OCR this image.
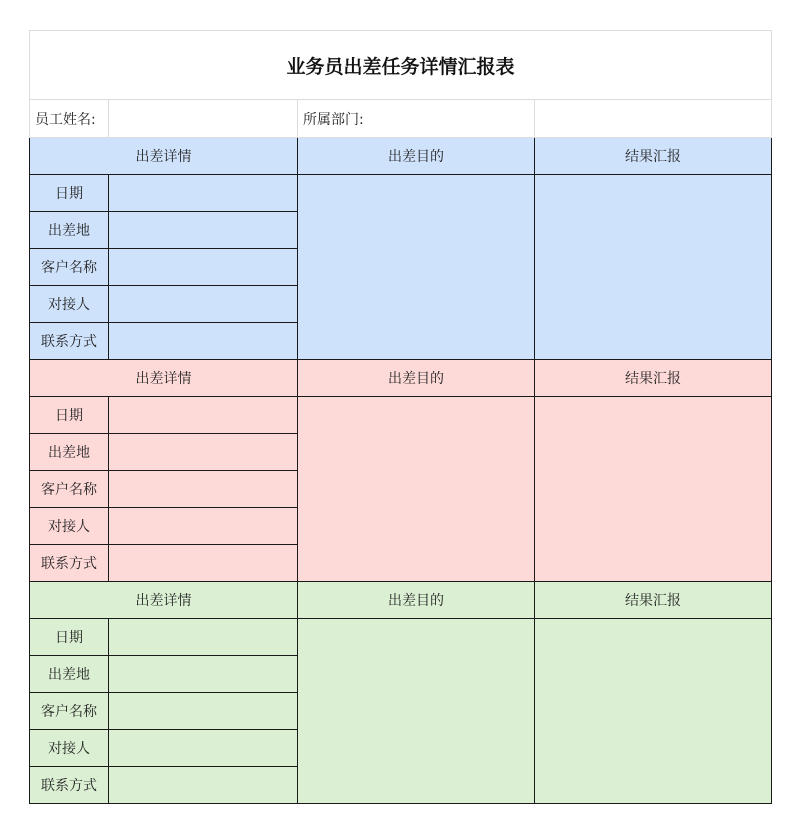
业务员出差任务详情汇报表			
员工姓名:		所属部门:	
出差详情		出差目的	结果汇报
日期			
出差地			
客户名称			
对接人			
联系方式			
出差详情		出差目的	结果汇报
日期			
出差地			
客户名称			
对接人			
联系方式			
出差详情		出差目的	结果汇报
日期			
出差地			
客户名称			
对接人			
联系方式			
